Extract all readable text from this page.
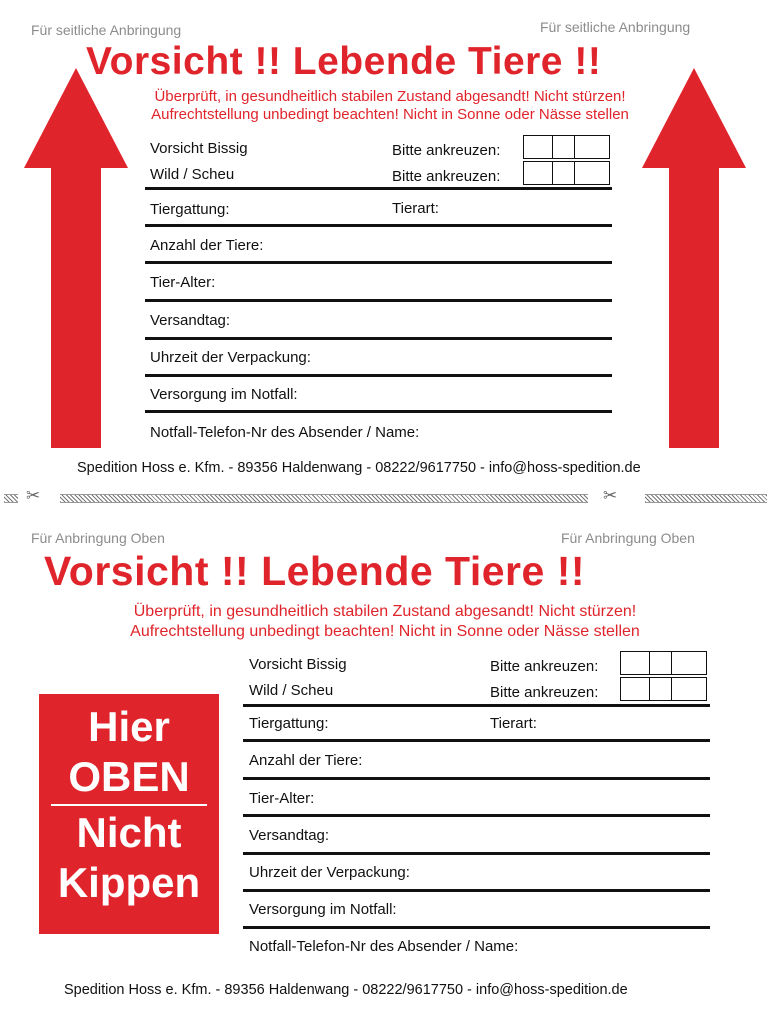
Für seitliche Anbringung	Für seitliche Anbringung
Vorsicht !! Lebende Tiere !!
Überprüft, in gesundheitlich stabilen Zustand abgesandt! Nicht stürzen!
Aufrechtstellung unbedingt beachten! Nicht in Sonne oder Nässe stellen
Vorsicht Bissig	Bitte ankreuzen:
Wild / Scheu	Bitte ankreuzen:
Tiergattung:	Tierart:
Anzahl der Tiere:
Tier-Alter:
Versandtag:
Uhrzeit der Verpackung:
Versorgung im Notfall:
Notfall-Telefon-Nr des Absender / Name:
Spedition Hoss e. Kfm. - 89356 Haldenwang - 08222/9617750 - info@hoss-spedition.de
✂	✂
Für Anbringung Oben	Für Anbringung Oben
Vorsicht !! Lebende Tiere !!
Überprüft, in gesundheitlich stabilen Zustand abgesandt! Nicht stürzen!
Aufrechtstellung unbedingt beachten! Nicht in Sonne oder Nässe stellen
Hier
OBEN
Nicht
Kippen
Vorsicht Bissig	Bitte ankreuzen:
Wild / Scheu	Bitte ankreuzen:
Tiergattung:	Tierart:
Anzahl der Tiere:
Tier-Alter:
Versandtag:
Uhrzeit der Verpackung:
Versorgung im Notfall:
Notfall-Telefon-Nr des Absender / Name:
Spedition Hoss e. Kfm. - 89356 Haldenwang - 08222/9617750 - info@hoss-spedition.de
